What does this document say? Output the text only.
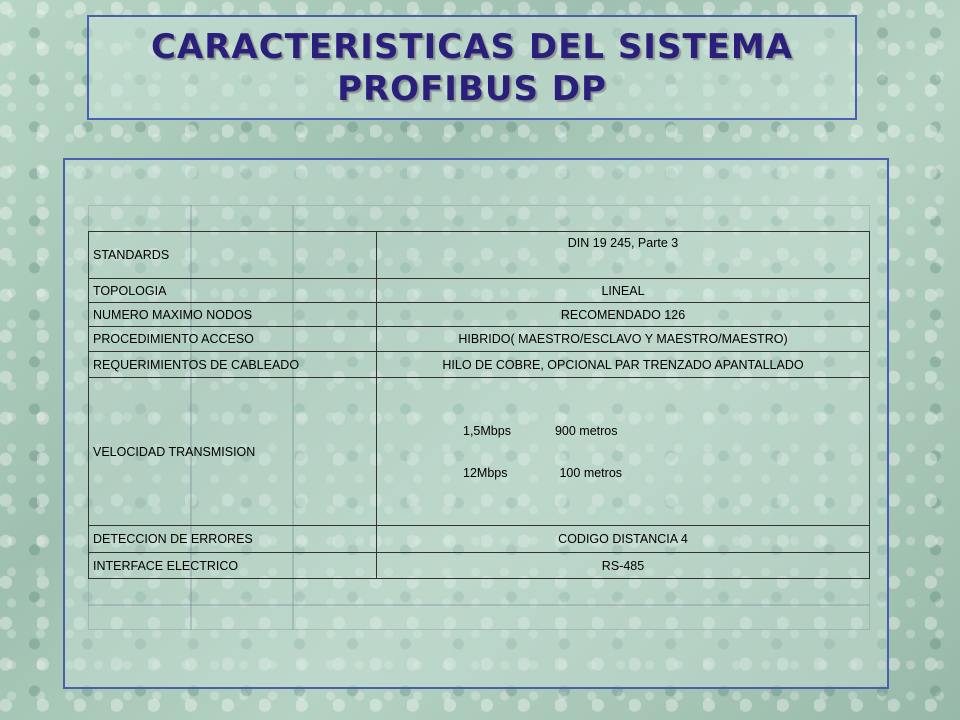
CARACTERISTICAS DEL SISTEMA
PROFIBUS DP
STANDARDS	DIN 19 245, Parte 3
TOPOLOGIA	LINEAL
NUMERO MAXIMO NODOS	RECOMENDADO 126
PROCEDIMIENTO ACCESO	HIBRIDO( MAESTRO/ESCLAVO Y MAESTRO/MAESTRO)
REQUERIMIENTOS DE CABLEADO	HILO DE COBRE, OPCIONAL PAR TRENZADO APANTALLADO
VELOCIDAD TRANSMISION	1,5Mbps 900 metros
12Mbps 100 metros

DETECCION DE ERRORES	CODIGO DISTANCIA 4
INTERFACE ELECTRICO	RS-485
